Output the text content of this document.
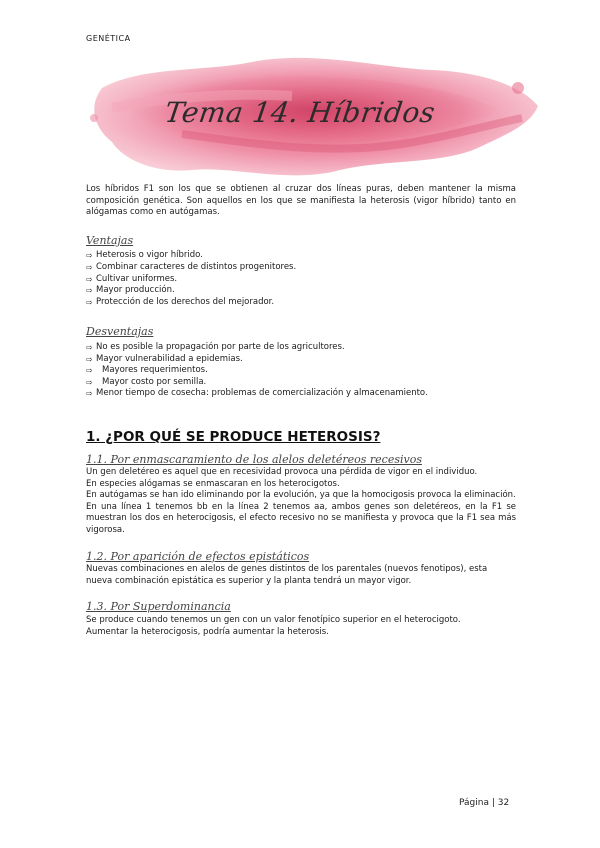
GENÉTICA
Tema 14. Híbridos

Los híbridos F1 son los que se obtienen al cruzar dos líneas puras, deben mantener la misma composición genética. Son aquellos en los que se manifiesta la heterosis (vigor híbrido) tanto en alógamas como en autógamas.

Ventajas
⇨ Heterosis o vigor híbrido.
⇨ Combinar caracteres de distintos progenitores.
⇨ Cultivar uniformes.
⇨ Mayor producción.
⇨ Protección de los derechos del mejorador.
Desventajas
⇨ No es posible la propagación por parte de los agricultores.
⇨ Mayor vulnerabilidad a epidemias.
⇨	Mayores requerimientos.
⇨	Mayor costo por semilla.
⇨ Menor tiempo de cosecha: problemas de comercialización y almacenamiento.
1. ¿POR QUÉ SE PRODUCE HETEROSIS?
1.1. Por enmascaramiento de los alelos deletéreos recesivos

Un gen deletéreo es aquel que en recesividad provoca una pérdida de vigor en el individuo.

En especies alógamas se enmascaran en los heterocigotos.

En autógamas se han ido eliminando por la evolución, ya que la homocigosis provoca la eliminación.

En una línea 1 tenemos bb en la línea 2 tenemos aa, ambos genes son deletéreos, en la F1 se muestran los dos en heterocigosis, el efecto recesivo no se manifiesta y provoca que la F1 sea más vigorosa.

1.2. Por aparición de efectos epistáticos

Nuevas combinaciones en alelos de genes distintos de los parentales (nuevos fenotipos), esta nueva combinación epistática es superior y la planta tendrá un mayor vigor.

1.3. Por Superdominancia

Se produce cuando tenemos un gen con un valor fenotípico superior en el heterocigoto.

Aumentar la heterocigosis, podría aumentar la heterosis.

Página | 32
